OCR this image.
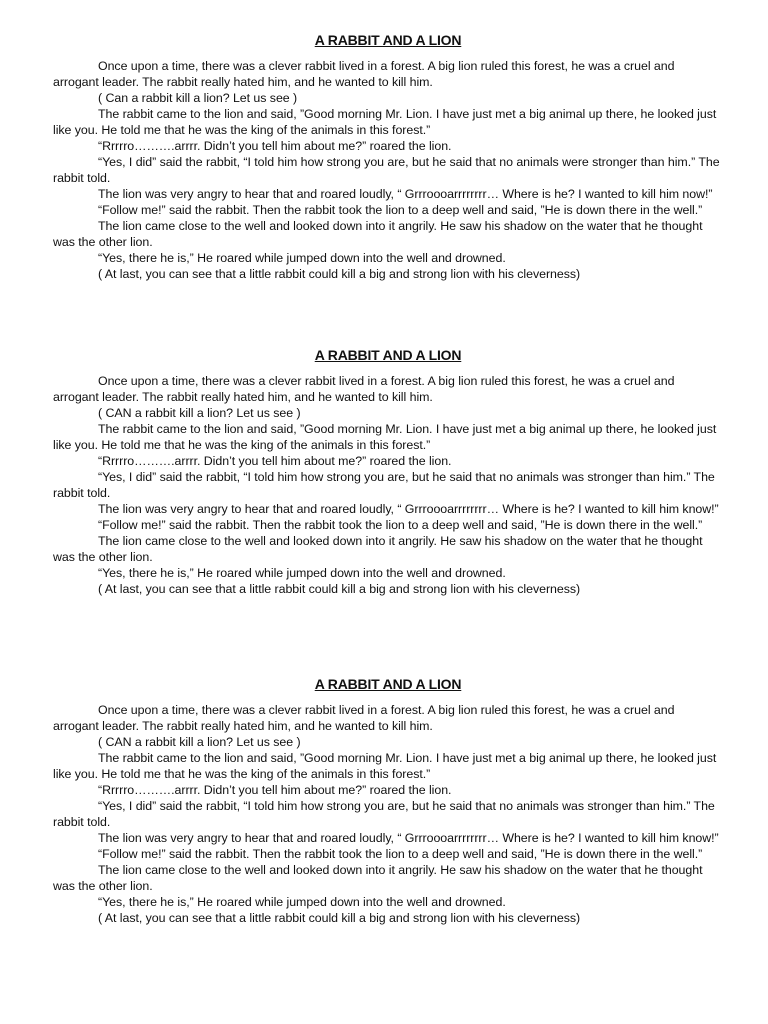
A RABBIT AND A LION

Once upon a time, there was a clever rabbit lived in a forest. A big lion ruled this forest, he was a cruel and arrogant leader. The rabbit really hated him, and he wanted to kill him.

( Can a rabbit kill a lion? Let us see )

The rabbit came to the lion and said, ”Good morning Mr. Lion. I have just met a big animal up there, he looked just like you. He told me that he was the king of the animals in this forest.”

“Rrrrro……….arrrr. Didn’t you tell him about me?” roared the lion.

“Yes, I did” said the rabbit, “I told him how strong you are, but he said that no animals were stronger than him.” The rabbit told.

The lion was very angry to hear that and roared loudly, “ Grrroooarrrrrrrr… Where is he? I wanted to kill him now!”

“Follow me!” said the rabbit. Then the rabbit took the lion to a deep well and said, ”He is down there in the well.”

The lion came close to the well and looked down into it angrily. He saw his shadow on the water that he thought was the other lion.

“Yes, there he is,” He roared while jumped down into the well and drowned.

( At last, you can see that a little rabbit could kill a big and strong lion with his cleverness)

A RABBIT AND A LION

Once upon a time, there was a clever rabbit lived in a forest. A big lion ruled this forest, he was a cruel and arrogant leader. The rabbit really hated him, and he wanted to kill him.

( CAN a rabbit kill a lion? Let us see )

The rabbit came to the lion and said, ”Good morning Mr. Lion. I have just met a big animal up there, he looked just like you. He told me that he was the king of the animals in this forest.”

“Rrrrro……….arrrr. Didn’t you tell him about me?” roared the lion.

“Yes, I did” said the rabbit, “I told him how strong you are, but he said that no animals was stronger than him.” The rabbit told.

The lion was very angry to hear that and roared loudly, “ Grrroooarrrrrrrr… Where is he? I wanted to kill him know!”

“Follow me!” said the rabbit. Then the rabbit took the lion to a deep well and said, ”He is down there in the well.”

The lion came close to the well and looked down into it angrily. He saw his shadow on the water that he thought was the other lion.

“Yes, there he is,” He roared while jumped down into the well and drowned.

( At last, you can see that a little rabbit could kill a big and strong lion with his cleverness)

A RABBIT AND A LION

Once upon a time, there was a clever rabbit lived in a forest. A big lion ruled this forest, he was a cruel and arrogant leader. The rabbit really hated him, and he wanted to kill him.

( CAN a rabbit kill a lion? Let us see )

The rabbit came to the lion and said, ”Good morning Mr. Lion. I have just met a big animal up there, he looked just like you. He told me that he was the king of the animals in this forest.”

“Rrrrro……….arrrr. Didn’t you tell him about me?” roared the lion.

“Yes, I did” said the rabbit, “I told him how strong you are, but he said that no animals was stronger than him.” The rabbit told.

The lion was very angry to hear that and roared loudly, “ Grrroooarrrrrrrr… Where is he? I wanted to kill him know!”

“Follow me!” said the rabbit. Then the rabbit took the lion to a deep well and said, ”He is down there in the well.”

The lion came close to the well and looked down into it angrily. He saw his shadow on the water that he thought was the other lion.

“Yes, there he is,” He roared while jumped down into the well and drowned.

( At last, you can see that a little rabbit could kill a big and strong lion with his cleverness)
